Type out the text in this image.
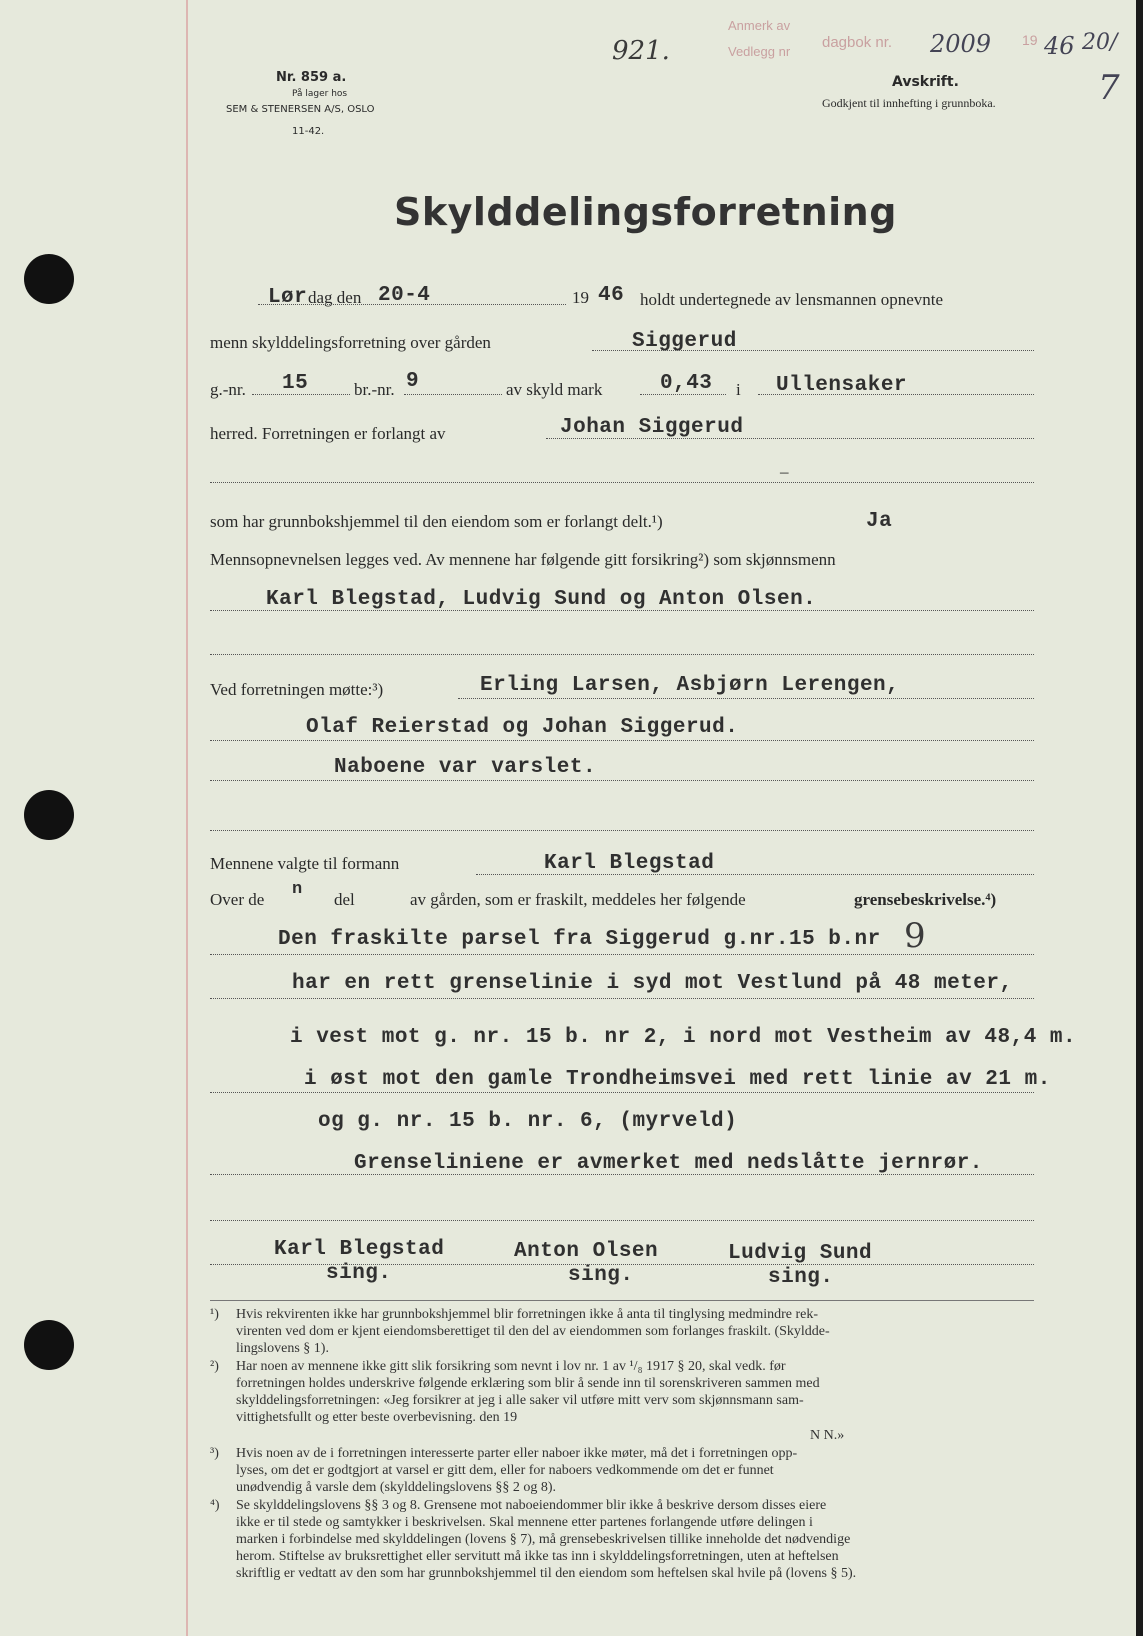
Nr. 859 a.
På lager hos
SEM & STENERSEN A/S, OSLO
11-42.
921.
Anmerk av
Vedlegg nr
dagbok nr. 2009 19 46 20/
7
Avskrift.
Godkjent til innhefting i grunnboka.
Skylddelingsforretning
L ør dag den 20-4	19 46 holdt undertegnede av lensmannen opnevnte
menn skylddelingsforretning over gården	Siggerud
g.-nr. 15	br.-nr. 9	av skyld mark	0,43 i Ullensaker
herred. Forretningen er forlangt av	Johan Siggerud
–
som har grunnbokshjemmel til den eiendom som er forlangt delt.¹)	Ja
Mennsopnevnelsen legges ved. Av mennene har følgende gitt forsikring²) som skjønnsmenn
Karl Blegstad, Ludvig Sund og Anton Olsen.
Ved forretningen møtte:³)	Erling Larsen, Asbjørn Lerengen,
Olaf Reierstad og Johan Siggerud.
Naboene var varslet.
Mennene valgte til formann	Karl Blegstad
Over de
n
del	av gården, som er fraskilt, meddeles her følgende	grensebeskrivelse.⁴)
Den fraskilte parsel fra Siggerud g.nr.15 b.nr 9
har en rett grenselinie i syd mot Vestlund på 48 meter,
i vest mot g. nr. 15 b. nr 2, i nord mot Vestheim av 48,4 m.
i øst mot den gamle Trondheimsvei med rett linie av 21 m.
og g. nr. 15 b. nr. 6, (myrveld)
Grenseliniene er avmerket med nedslåtte jernrør.
Karl Blegstad
sing.
Anton Olsen
sing.
Ludvig Sund
sing.
¹) Hvis rekvirenten ikke har grunnbokshjemmel blir forretningen ikke å anta til tinglysing medmindre rek-
virenten ved dom er kjent eiendomsberettiget til den del av eiendommen som forlanges fraskilt. (Skyldde-
lingslovens § 1).
²) Har noen av mennene ikke gitt slik forsikring som nevnt i lov nr. 1 av ¹/₈ 1917 § 20, skal vedk. før
forretningen holdes underskrive følgende erklæring som blir å sende inn til sorenskriveren sammen med
skylddelingsforretningen: «Jeg forsikrer at jeg i alle saker vil utføre mitt verv som skjønnsmann sam-
vittighetsfullt og etter beste overbevisning. den 19
N N.»
³) Hvis noen av de i forretningen interesserte parter eller naboer ikke møter, må det i forretningen opp-
lyses, om det er godtgjort at varsel er gitt dem, eller for naboers vedkommende om det er funnet
unødvendig å varsle dem (skylddelingslovens §§ 2 og 8).
⁴) Se skylddelingslovens §§ 3 og 8. Grensene mot naboeiendommer blir ikke å beskrive dersom disses eiere
ikke er til stede og samtykker i beskrivelsen. Skal mennene etter partenes forlangende utføre delingen i
marken i forbindelse med skylddelingen (lovens § 7), må grensebeskrivelsen tillike inneholde det nødvendige
herom. Stiftelse av bruksrettighet eller servitutt må ikke tas inn i skylddelingsforretningen, uten at heftelsen
skriftlig er vedtatt av den som har grunnbokshjemmel til den eiendom som heftelsen skal hvile på (lovens § 5).
